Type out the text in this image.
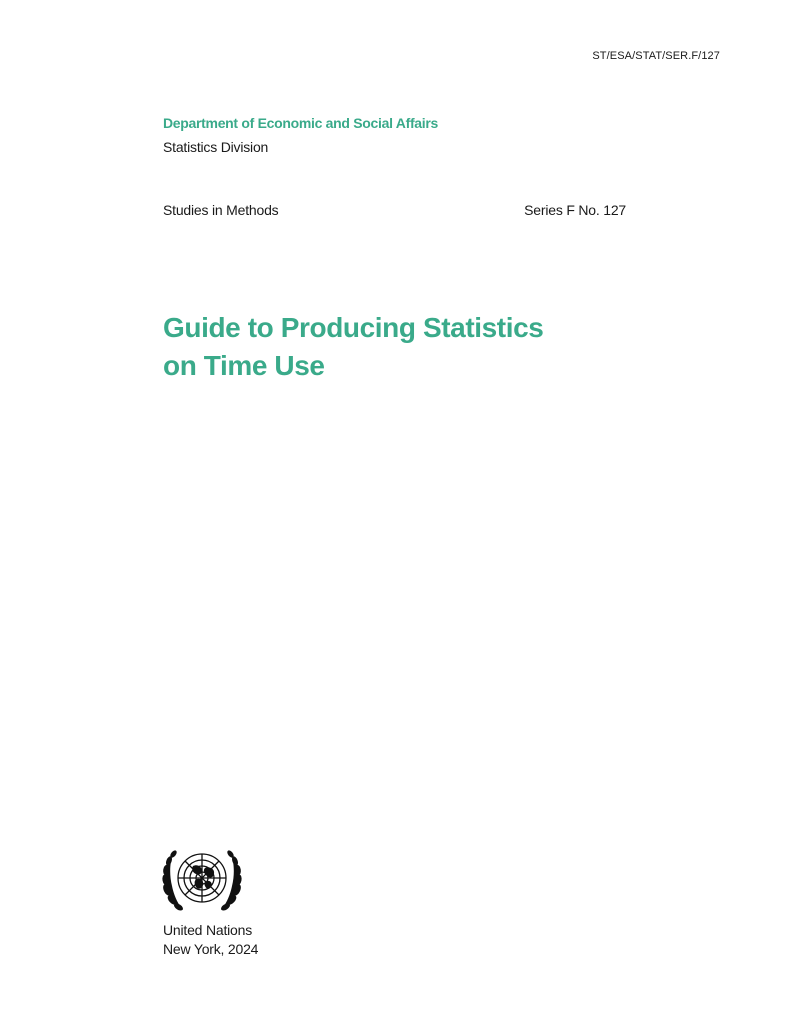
ST/ESA/STAT/SER.F/127
Department of Economic and Social Affairs
Statistics Division
Studies in Methods	Series F No. 127
Guide to Producing Statistics
on Time Use
United Nations
New York, 2024
